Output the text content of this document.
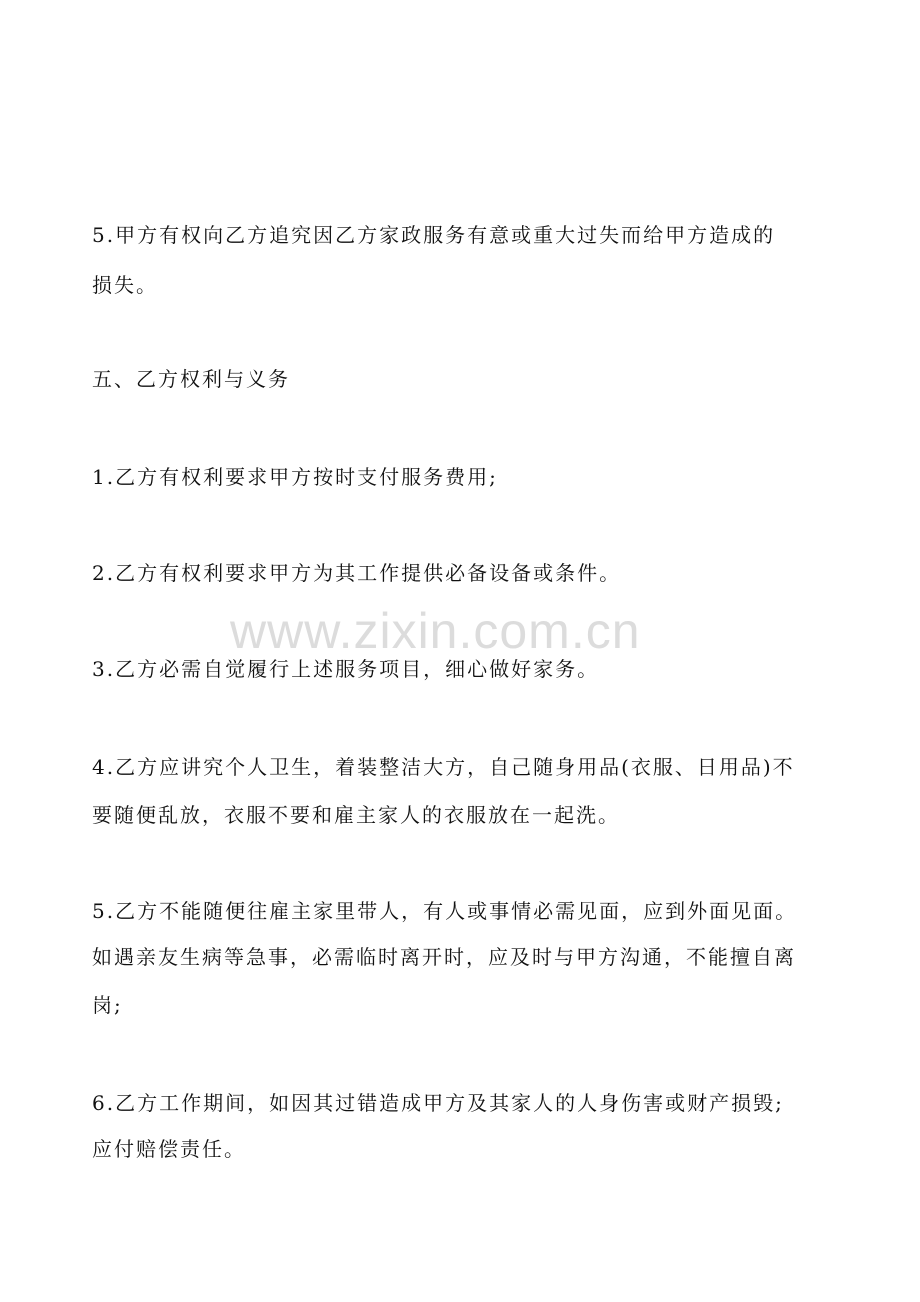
5.甲方有权向乙方追究因乙方家政服务有意或重大过失而给甲方造成的

损失。

五、乙方权利与义务

1.乙方有权利要求甲方按时支付服务费用;

2.乙方有权利要求甲方为其工作提供必备设备或条件。

3.乙方必需自觉履行上述服务项目，细心做好家务。

4.乙方应讲究个人卫生，着装整洁大方，自己随身用品(衣服、日用品)不

要随便乱放，衣服不要和雇主家人的衣服放在一起洗。

5.乙方不能随便往雇主家里带人，有人或事情必需见面，应到外面见面。

如遇亲友生病等急事，必需临时离开时，应及时与甲方沟通，不能擅自离

岗;

6.乙方工作期间，如因其过错造成甲方及其家人的人身伤害或财产损毁;

应付赔偿责任。

www.zixin.com.cn
